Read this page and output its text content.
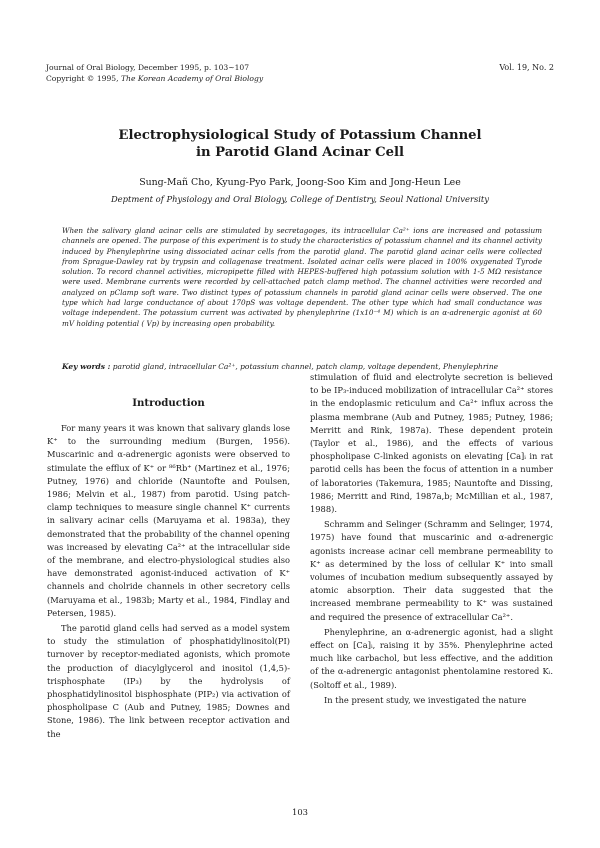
Journal of Oral Biology, December 1995, p. 103~107
Copyright © 1995, The Korean Academy of Oral Biology
Vol. 19, No. 2
Electrophysiological Study of Potassium Channel
in Parotid Gland Acinar Cell
Sung-Mañ Cho, Kyung-Pyo Park, Joong-Soo Kim and Jong-Heun Lee
Deptment of Physiology and Oral Biology, College of Dentistry, Seoul National University
When the salivary gland acinar cells are stimulated by secretagoges, its intracellular Ca²⁺ ions are increased and potassium channels are opened. The purpose of this experiment is to study the characteristics of potassium channel and its channel activity induced by Phenylephrine using dissociated acinar cells from the parotid gland. The parotid gland acinar cells were collected from Sprague-Dawley rat by trypsin and collagenase treatment. Isolated acinar cells were placed in 100% oxygenated Tyrode solution. To record channel activities, micropipette filled with HEPES-buffered high potassium solution with 1-5 MΩ resistance were used. Membrane currents were recorded by cell-attached patch clamp method. The channel activities were recorded and analyzed on pClamp soft ware. Two distinct types of potassium channels in parotid gland acinar cells were observed. The one type which had large conductance of about 170pS was voltage dependent. The other type which had small conductance was voltage independent. The potassium current was activated by phenylephrine (1x10⁻⁴ M) which is an α-adrenergic agonist at 60 mV holding potential ( Vp) by increasing open probability.
Key words : parotid gland, intracellular Ca²⁺, potassium channel, patch clamp, voltage dependent, Phenylephrine
Introduction

For many years it was known that salivary glands lose K⁺ to the surrounding medium (Burgen, 1956). Muscarinic and α-adrenergic agonists were observed to stimulate the efflux of K⁺ or ⁸⁶Rb⁺ (Martinez et al., 1976; Putney, 1976) and chloride (Nauntofte and Poulsen, 1986; Melvin et al., 1987) from parotid. Using patch-clamp techniques to measure single channel K⁺ currents in salivary acinar cells (Maruyama et al. 1983a), they demonstrated that the probability of the channel opening was increased by elevating Ca²⁺ at the intracellular side of the membrane, and electro-physiological studies also have demonstrated agonist-induced activation of K⁺ channels and cholride channels in other secretory cells (Maruyama et al., 1983b; Marty et al., 1984, Findlay and Petersen, 1985).

The parotid gland cells had served as a model system to study the stimulation of phosphatidylinositol(PI) turnover by receptor-mediated agonists, which promote the production of diacylglycerol and inositol (1,4,5)-trisphosphate (IP₃) by the hydrolysis of phosphatidylinositol bisphosphate (PIP₂) via activation of phospholipase C (Aub and Putney, 1985; Downes and Stone, 1986). The link between receptor activation and the

stimulation of fluid and electrolyte secretion is believed to be IP₃-induced mobilization of intracellular Ca²⁺ stores in the endoplasmic reticulum and Ca²⁺ influx across the plasma membrane (Aub and Putney, 1985; Putney, 1986; Merritt and Rink, 1987a). These dependent protein (Taylor et al., 1986), and the effects of various phospholipase C-linked agonists on elevating [Ca]ᵢ in rat parotid cells has been the focus of attention in a number of laboratories (Takemura, 1985; Nauntofte and Dissing, 1986; Merritt and Rind, 1987a,b; McMillian et al., 1987, 1988).

Schramm and Selinger (Schramm and Selinger, 1974, 1975) have found that muscarinic and α-adrenergic agonists increase acinar cell membrane permeability to K⁺ as determined by the loss of cellular K⁺ into small volumes of incubation medium subsequently assayed by atomic absorption. Their data suggested that the increased membrane permeability to K⁺ was sustained and required the presence of extracellular Ca²⁺.

Phenylephrine, an α-adrenergic agonist, had a slight effect on [Ca]ᵢ, raising it by 35%. Phenylephrine acted much like carbachol, but less effective, and the addition of the α-adrenergic antagonist phentolamine restored Kᵢ. (Soltoff et al., 1989).

In the present study, we investigated the nature

103
